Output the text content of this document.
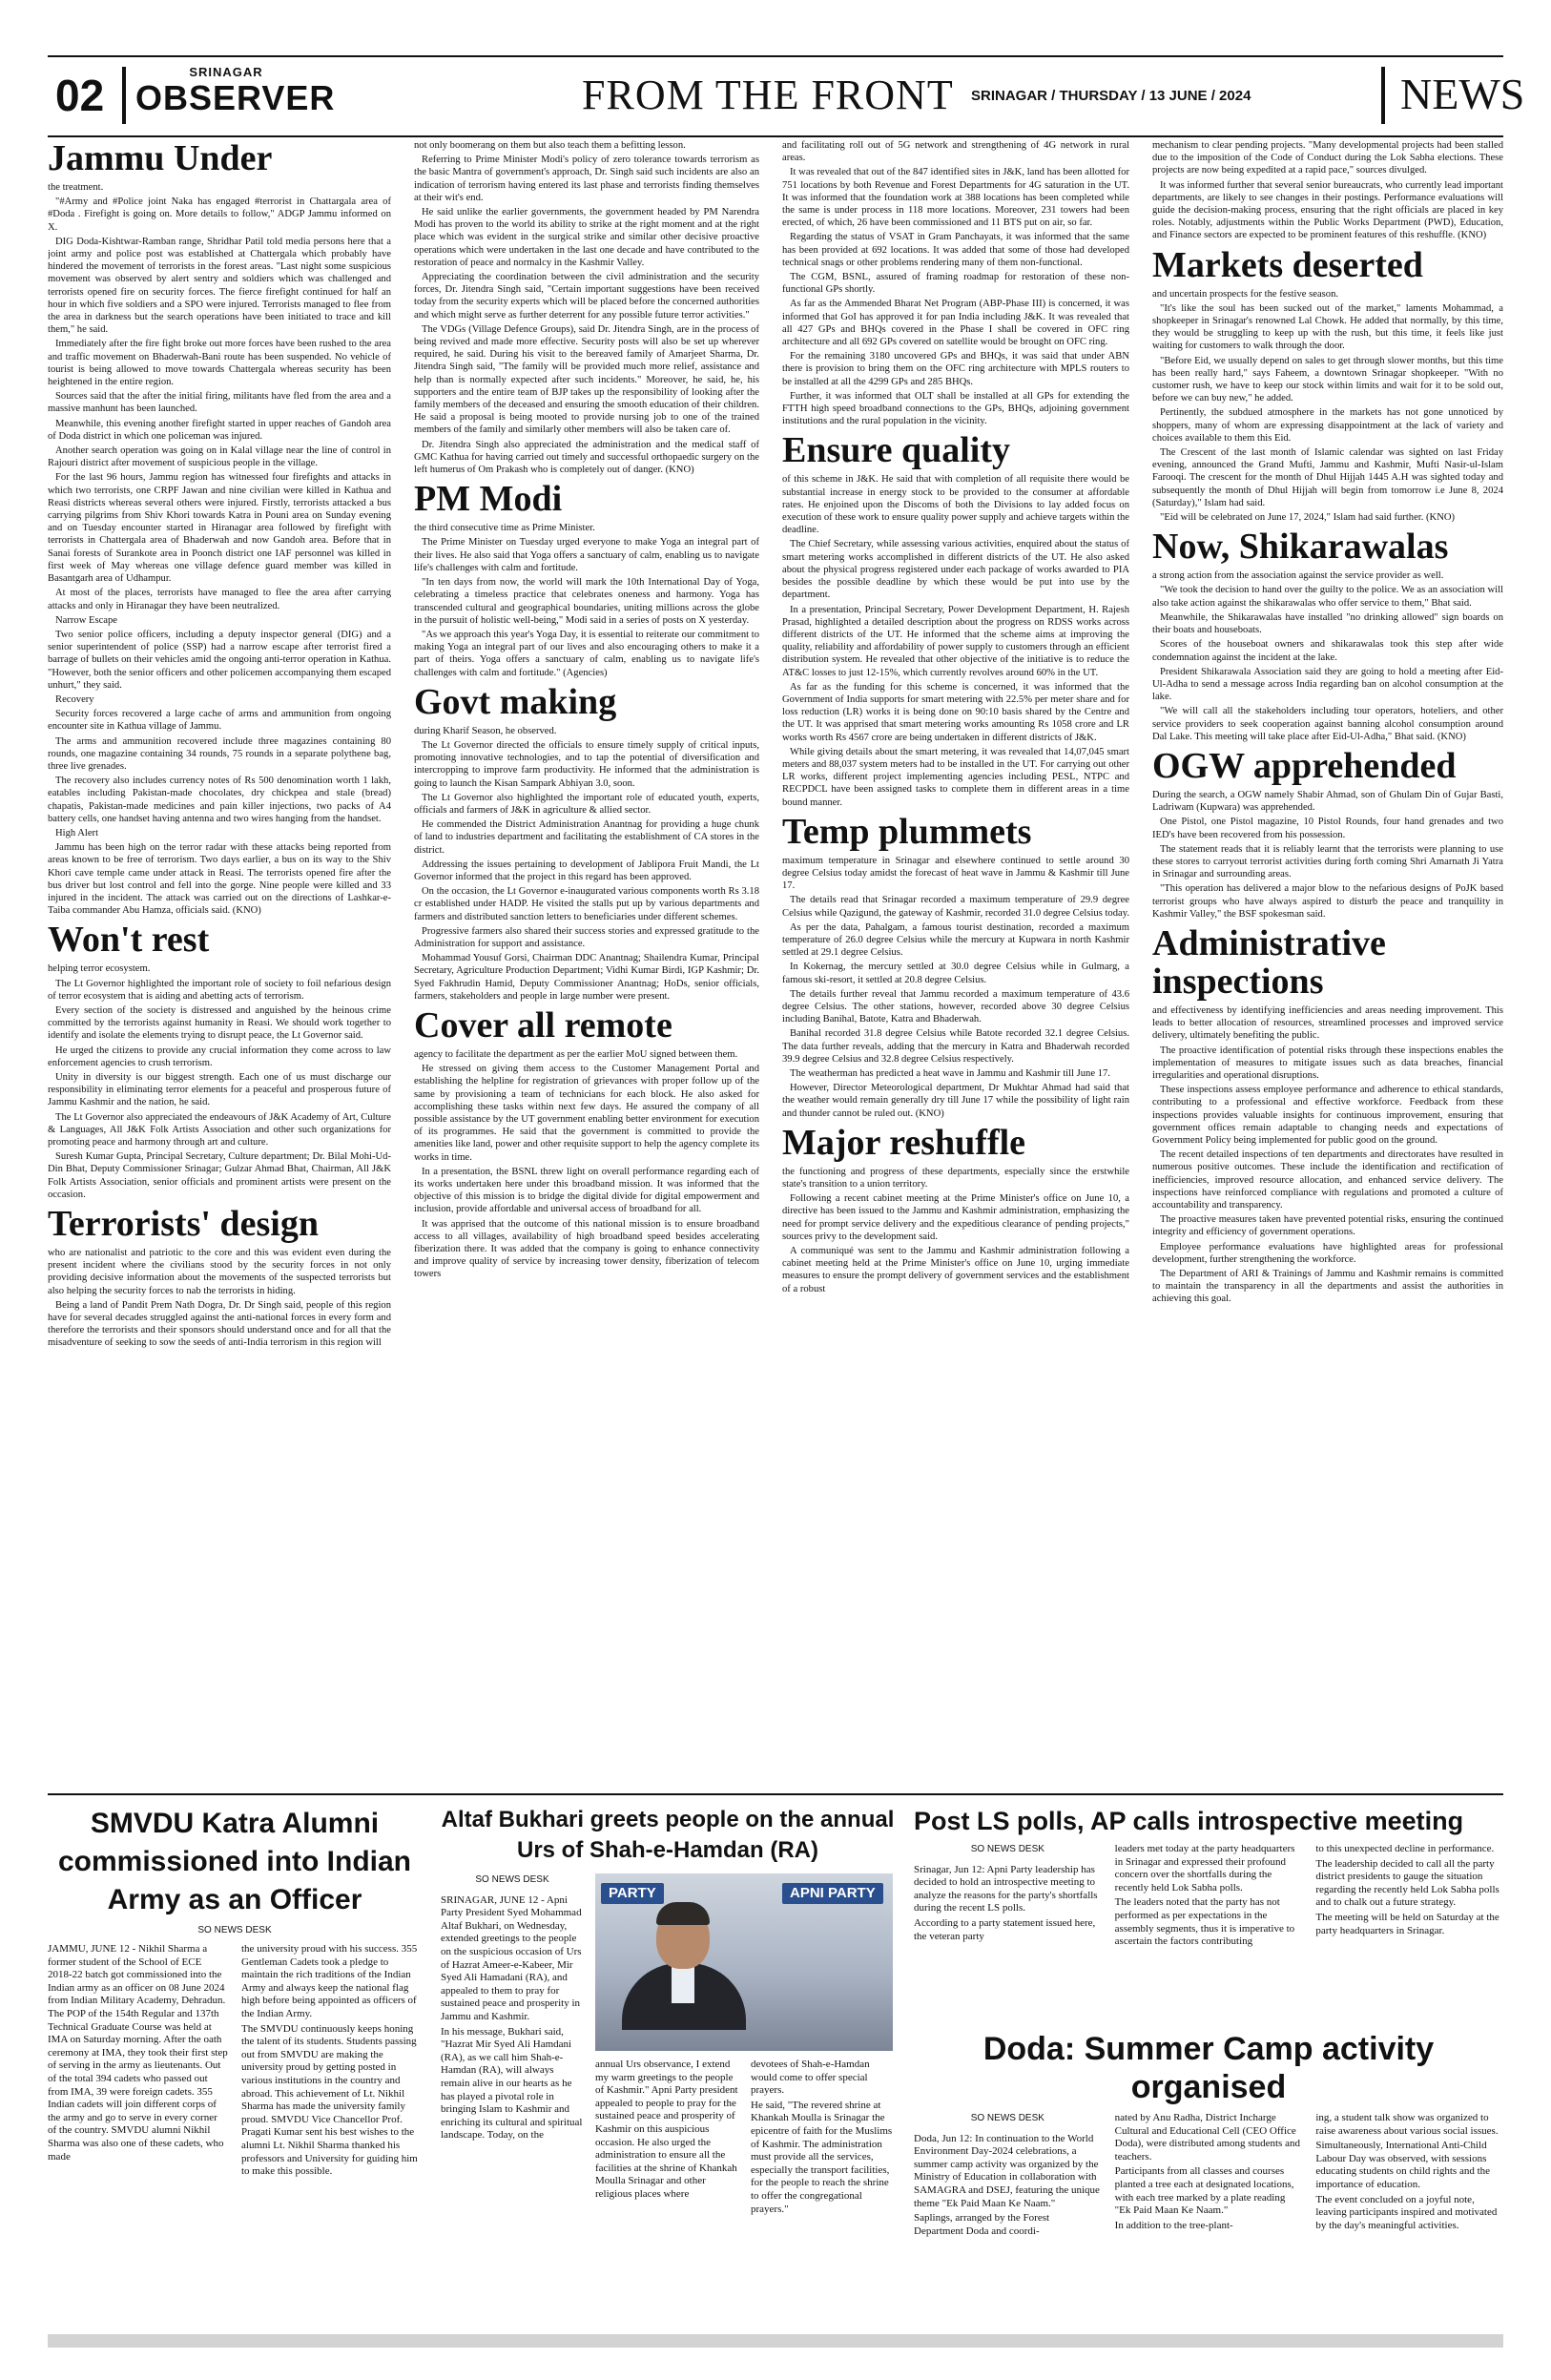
02	SRINAGAR
OBSERVER	FROM THE FRONT SRINAGAR / THURSDAY / 13 JUNE / 2024	NEWS
Jammu Under

the treatment.

"#Army and #Police joint Naka has engaged #terrorist in Chattargala area of #Doda . Firefight is going on. More details to follow," ADGP Jammu informed on X.

DIG Doda-Kishtwar-Ramban range, Shridhar Patil told media persons here that a joint army and police post was established at Chattergala which probably have hindered the movement of terrorists in the forest areas. "Last night some suspicious movement was observed by alert sentry and soldiers which was challenged and terrorists opened fire on security forces. The fierce firefight continued for half an hour in which five soldiers and a SPO were injured. Terrorists managed to flee from the area in darkness but the search operations have been initiated to trace and kill them," he said.

Immediately after the fire fight broke out more forces have been rushed to the area and traffic movement on Bhaderwah-Bani route has been suspended. No vehicle of tourist is being allowed to move towards Chattergala whereas security has been heightened in the entire region.

Sources said that the after the initial firing, militants have fled from the area and a massive manhunt has been launched.

Meanwhile, this evening another firefight started in upper reaches of Gandoh area of Doda district in which one policeman was injured.

Another search operation was going on in Kalal village near the line of control in Rajouri district after movement of suspicious people in the village.

For the last 96 hours, Jammu region has witnessed four firefights and attacks in which two terrorists, one CRPF Jawan and nine civilian were killed in Kathua and Reasi districts whereas several others were injured. Firstly, terrorists attacked a bus carrying pilgrims from Shiv Khori towards Katra in Pouni area on Sunday evening and on Tuesday encounter started in Hiranagar area followed by firefight with terrorists in Chattergala area of Bhaderwah and now Gandoh area. Before that in Sanai forests of Surankote area in Poonch district one IAF personnel was killed in first week of May whereas one village defence guard member was killed in Basantgarh area of Udhampur.

At most of the places, terrorists have managed to flee the area after carrying attacks and only in Hiranagar they have been neutralized.

Narrow Escape

Two senior police officers, including a deputy inspector general (DIG) and a senior superintendent of police (SSP) had a narrow escape after terrorist fired a barrage of bullets on their vehicles amid the ongoing anti-terror operation in Kathua. "However, both the senior officers and other policemen accompanying them escaped unhurt," they said.

Recovery

Security forces recovered a large cache of arms and ammunition from ongoing encounter site in Kathua village of Jammu.

The arms and ammunition recovered include three magazines containing 80 rounds, one magazine containing 34 rounds, 75 rounds in a separate polythene bag, three live grenades.

The recovery also includes currency notes of Rs 500 denomination worth 1 lakh, eatables including Pakistan-made chocolates, dry chickpea and stale (bread) chapatis, Pakistan-made medicines and pain killer injections, two packs of A4 battery cells, one handset having antenna and two wires hanging from the handset.

High Alert

Jammu has been high on the terror radar with these attacks being reported from areas known to be free of terrorism. Two days earlier, a bus on its way to the Shiv Khori cave temple came under attack in Reasi. The terrorists opened fire after the bus driver but lost control and fell into the gorge. Nine people were killed and 33 injured in the incident. The attack was carried out on the directions of Lashkar-e-Taiba commander Abu Hamza, officials said. (KNO)

Won't rest

helping terror ecosystem.

The Lt Governor highlighted the important role of society to foil nefarious design of terror ecosystem that is aiding and abetting acts of terrorism.

Every section of the society is distressed and anguished by the heinous crime committed by the terrorists against humanity in Reasi. We should work together to identify and isolate the elements trying to disrupt peace, the Lt Governor said.

He urged the citizens to provide any crucial information they come across to law enforcement agencies to crush terrorism.

Unity in diversity is our biggest strength. Each one of us must discharge our responsibility in eliminating terror elements for a peaceful and prosperous future of Jammu Kashmir and the nation, he said.

The Lt Governor also appreciated the endeavours of J&K Academy of Art, Culture & Languages, All J&K Folk Artists Association and other such organizations for promoting peace and harmony through art and culture.

Suresh Kumar Gupta, Principal Secretary, Culture department; Dr. Bilal Mohi-Ud-Din Bhat, Deputy Commissioner Srinagar; Gulzar Ahmad Bhat, Chairman, All J&K Folk Artists Association, senior officials and prominent artists were present on the occasion.

Terrorists' design

who are nationalist and patriotic to the core and this was evident even during the present incident where the civilians stood by the security forces in not only providing decisive information about the movements of the suspected terrorists but also helping the security forces to nab the terrorists in hiding.

Being a land of Pandit Prem Nath Dogra, Dr. Dr Singh said, people of this region have for several decades struggled against the anti-national forces in every form and therefore the terrorists and their sponsors should understand once and for all that the misadventure of seeking to sow the seeds of anti-India terrorism in this region will

not only boomerang on them but also teach them a befitting lesson.

Referring to Prime Minister Modi's policy of zero tolerance towards terrorism as the basic Mantra of government's approach, Dr. Singh said such incidents are also an indication of terrorism having entered its last phase and terrorists finding themselves at their wit's end.

He said unlike the earlier governments, the government headed by PM Narendra Modi has proven to the world its ability to strike at the right moment and at the right place which was evident in the surgical strike and similar other decisive proactive operations which were undertaken in the last one decade and have contributed to the restoration of peace and normalcy in the Kashmir Valley.

Appreciating the coordination between the civil administration and the security forces, Dr. Jitendra Singh said, "Certain important suggestions have been received today from the security experts which will be placed before the concerned authorities and which might serve as further deterrent for any possible future terror activities."

The VDGs (Village Defence Groups), said Dr. Jitendra Singh, are in the process of being revived and made more effective. Security posts will also be set up wherever required, he said. During his visit to the bereaved family of Amarjeet Sharma, Dr. Jitendra Singh said, "The family will be provided much more relief, assistance and help than is normally expected after such incidents." Moreover, he said, he, his supporters and the entire team of BJP takes up the responsibility of looking after the family members of the deceased and ensuring the smooth education of their children. He said a proposal is being mooted to provide nursing job to one of the trained members of the family and similarly other members will also be taken care of.

Dr. Jitendra Singh also appreciated the administration and the medical staff of GMC Kathua for having carried out timely and successful orthopaedic surgery on the left humerus of Om Prakash who is completely out of danger. (KNO)

PM Modi

the third consecutive time as Prime Minister.

The Prime Minister on Tuesday urged everyone to make Yoga an integral part of their lives. He also said that Yoga offers a sanctuary of calm, enabling us to navigate life's challenges with calm and fortitude.

"In ten days from now, the world will mark the 10th International Day of Yoga, celebrating a timeless practice that celebrates oneness and harmony. Yoga has transcended cultural and geographical boundaries, uniting millions across the globe in the pursuit of holistic well-being," Modi said in a series of posts on X yesterday.

"As we approach this year's Yoga Day, it is essential to reiterate our commitment to making Yoga an integral part of our lives and also encouraging others to make it a part of theirs. Yoga offers a sanctuary of calm, enabling us to navigate life's challenges with calm and fortitude." (Agencies)

Govt making

during Kharif Season, he observed.

The Lt Governor directed the officials to ensure timely supply of critical inputs, promoting innovative technologies, and to tap the potential of diversification and intercropping to improve farm productivity. He informed that the administration is going to launch the Kisan Sampark Abhiyan 3.0, soon.

The Lt Governor also highlighted the important role of educated youth, experts, officials and farmers of J&K in agriculture & allied sector.

He commended the District Administration Anantnag for providing a huge chunk of land to industries department and facilitating the establishment of CA stores in the district.

Addressing the issues pertaining to development of Jablipora Fruit Mandi, the Lt Governor informed that the project in this regard has been approved.

On the occasion, the Lt Governor e-inaugurated various components worth Rs 3.18 cr established under HADP. He visited the stalls put up by various departments and farmers and distributed sanction letters to beneficiaries under different schemes.

Progressive farmers also shared their success stories and expressed gratitude to the Administration for support and assistance.

Mohammad Yousuf Gorsi, Chairman DDC Anantnag; Shailendra Kumar, Principal Secretary, Agriculture Production Department; Vidhi Kumar Birdi, IGP Kashmir; Dr. Syed Fakhrudin Hamid, Deputy Commissioner Anantnag; HoDs, senior officials, farmers, stakeholders and people in large number were present.

Cover all remote

agency to facilitate the department as per the earlier MoU signed between them.

He stressed on giving them access to the Customer Management Portal and establishing the helpline for registration of grievances with proper follow up of the same by provisioning a team of technicians for each block. He also asked for accomplishing these tasks within next few days. He assured the company of all possible assistance by the UT government enabling better environment for execution of its programmes. He said that the government is committed to provide the amenities like land, power and other requisite support to help the agency complete its works in time.

In a presentation, the BSNL threw light on overall performance regarding each of its works undertaken here under this broadband mission. It was informed that the objective of this mission is to bridge the digital divide for digital empowerment and inclusion, provide affordable and universal access of broadband for all.

It was apprised that the outcome of this national mission is to ensure broadband access to all villages, availability of high broadband speed besides accelerating fiberization there. It was added that the company is going to enhance connectivity and improve quality of service by increasing tower density, fiberization of telecom towers

and facilitating roll out of 5G network and strengthening of 4G network in rural areas.

It was revealed that out of the 847 identified sites in J&K, land has been allotted for 751 locations by both Revenue and Forest Departments for 4G saturation in the UT. It was informed that the foundation work at 388 locations has been completed while the same is under process in 118 more locations. Moreover, 231 towers had been erected, of which, 26 have been commissioned and 11 BTS put on air, so far.

Regarding the status of VSAT in Gram Panchayats, it was informed that the same has been provided at 692 locations. It was added that some of those had developed technical snags or other problems rendering many of them non-functional.

The CGM, BSNL, assured of framing roadmap for restoration of these non-functional GPs shortly.

As far as the Ammended Bharat Net Program (ABP-Phase III) is concerned, it was informed that GoI has approved it for pan India including J&K. It was revealed that all 427 GPs and BHQs covered in the Phase I shall be covered in OFC ring architecture and all 692 GPs covered on satellite would be brought on OFC ring.

For the remaining 3180 uncovered GPs and BHQs, it was said that under ABN there is provision to bring them on the OFC ring architecture with MPLS routers to be installed at all the 4299 GPs and 285 BHQs.

Further, it was informed that OLT shall be installed at all GPs for extending the FTTH high speed broadband connections to the GPs, BHQs, adjoining government institutions and the rural population in the vicinity.

Ensure quality

of this scheme in J&K. He said that with completion of all requisite there would be substantial increase in energy stock to be provided to the consumer at affordable rates. He enjoined upon the Discoms of both the Divisions to lay added focus on execution of these work to ensure quality power supply and achieve targets within the deadline.

The Chief Secretary, while assessing various activities, enquired about the status of smart metering works accomplished in different districts of the UT. He also asked about the physical progress registered under each package of works awarded to PIA besides the possible deadline by which these would be put into use by the department.

In a presentation, Principal Secretary, Power Development Department, H. Rajesh Prasad, highlighted a detailed description about the progress on RDSS works across different districts of the UT. He informed that the scheme aims at improving the quality, reliability and affordability of power supply to customers through an efficient distribution system. He revealed that other objective of the initiative is to reduce the AT&C losses to just 12-15%, which currently revolves around 60% in the UT.

As far as the funding for this scheme is concerned, it was informed that the Government of India supports for smart metering with 22.5% per meter share and for loss reduction (LR) works it is being done on 90:10 basis shared by the Centre and the UT. It was apprised that smart metering works amounting Rs 1058 crore and LR works worth Rs 4567 crore are being undertaken in different districts of J&K.

While giving details about the smart metering, it was revealed that 14,07,045 smart meters and 88,037 system meters had to be installed in the UT. For carrying out other LR works, different project implementing agencies including PESL, NTPC and RECPDCL have been assigned tasks to complete them in different areas in a time bound manner.

Temp plummets

maximum temperature in Srinagar and elsewhere continued to settle around 30 degree Celsius today amidst the forecast of heat wave in Jammu & Kashmir till June 17.

The details read that Srinagar recorded a maximum temperature of 29.9 degree Celsius while Qazigund, the gateway of Kashmir, recorded 31.0 degree Celsius today.

As per the data, Pahalgam, a famous tourist destination, recorded a maximum temperature of 26.0 degree Celsius while the mercury at Kupwara in north Kashmir settled at 29.1 degree Celsius.

In Kokernag, the mercury settled at 30.0 degree Celsius while in Gulmarg, a famous ski-resort, it settled at 20.8 degree Celsius.

The details further reveal that Jammu recorded a maximum temperature of 43.6 degree Celsius. The other stations, however, recorded above 30 degree Celsius including Banihal, Batote, Katra and Bhaderwah.

Banihal recorded 31.8 degree Celsius while Batote recorded 32.1 degree Celsius. The data further reveals, adding that the mercury in Katra and Bhaderwah recorded 39.9 degree Celsius and 32.8 degree Celsius respectively.

The weatherman has predicted a heat wave in Jammu and Kashmir till June 17.

However, Director Meteorological department, Dr Mukhtar Ahmad had said that the weather would remain generally dry till June 17 while the possibility of light rain and thunder cannot be ruled out. (KNO)

Major reshuffle

the functioning and progress of these departments, especially since the erstwhile state's transition to a union territory.

Following a recent cabinet meeting at the Prime Minister's office on June 10, a directive has been issued to the Jammu and Kashmir administration, emphasizing the need for prompt service delivery and the expeditious clearance of pending projects," sources privy to the development said.

A communiqué was sent to the Jammu and Kashmir administration following a cabinet meeting held at the Prime Minister's office on June 10, urging immediate measures to ensure the prompt delivery of government services and the establishment of a robust

mechanism to clear pending projects. "Many developmental projects had been stalled due to the imposition of the Code of Conduct during the Lok Sabha elections. These projects are now being expedited at a rapid pace," sources divulged.

It was informed further that several senior bureaucrats, who currently lead important departments, are likely to see changes in their postings. Performance evaluations will guide the decision-making process, ensuring that the right officials are placed in key roles. Notably, adjustments within the Public Works Department (PWD), Education, and Finance sectors are expected to be prominent features of this reshuffle. (KNO)

Markets deserted

and uncertain prospects for the festive season.

"It's like the soul has been sucked out of the market," laments Mohammad, a shopkeeper in Srinagar's renowned Lal Chowk. He added that normally, by this time, they would be struggling to keep up with the rush, but this time, it feels like just waiting for customers to walk through the door.

"Before Eid, we usually depend on sales to get through slower months, but this time has been really hard," says Faheem, a downtown Srinagar shopkeeper. "With no customer rush, we have to keep our stock within limits and wait for it to be sold out, before we can buy new," he added.

Pertinently, the subdued atmosphere in the markets has not gone unnoticed by shoppers, many of whom are expressing disappointment at the lack of variety and choices available to them this Eid.

The Crescent of the last month of Islamic calendar was sighted on last Friday evening, announced the Grand Mufti, Jammu and Kashmir, Mufti Nasir-ul-Islam Farooqi. The crescent for the month of Dhul Hijjah 1445 A.H was sighted today and subsequently the month of Dhul Hijjah will begin from tomorrow i.e June 8, 2024 (Saturday)," Islam had said.

"Eid will be celebrated on June 17, 2024," Islam had said further. (KNO)

Now, Shikarawalas

a strong action from the association against the service provider as well.

"We took the decision to hand over the guilty to the police. We as an association will also take action against the shikarawalas who offer service to them," Bhat said.

Meanwhile, the Shikarawalas have installed "no drinking allowed" sign boards on their boats and houseboats.

Scores of the houseboat owners and shikarawalas took this step after wide condemnation against the incident at the lake.

President Shikarawala Association said they are going to hold a meeting after Eid-Ul-Adha to send a message across India regarding ban on alcohol consumption at the lake.

"We will call all the stakeholders including tour operators, hoteliers, and other service providers to seek cooperation against banning alcohol consumption around Dal Lake. This meeting will take place after Eid-Ul-Adha," Bhat said. (KNO)

OGW apprehended

During the search, a OGW namely Shabir Ahmad, son of Ghulam Din of Gujar Basti, Ladriwam (Kupwara) was apprehended.

One Pistol, one Pistol magazine, 10 Pistol Rounds, four hand grenades and two IED's have been recovered from his possession.

The statement reads that it is reliably learnt that the terrorists were planning to use these stores to carryout terrorist activities during forth coming Shri Amarnath Ji Yatra in Srinagar and surrounding areas.

"This operation has delivered a major blow to the nefarious designs of PoJK based terrorist groups who have always aspired to disturb the peace and tranquility in Kashmir Valley," the BSF spokesman said.

Administrative inspections

and effectiveness by identifying inefficiencies and areas needing improvement. This leads to better allocation of resources, streamlined processes and improved service delivery, ultimately benefiting the public.

The proactive identification of potential risks through these inspections enables the implementation of measures to mitigate issues such as data breaches, financial irregularities and operational disruptions.

These inspections assess employee performance and adherence to ethical standards, contributing to a professional and effective workforce. Feedback from these inspections provides valuable insights for continuous improvement, ensuring that government offices remain adaptable to changing needs and expectations of Government Policy being implemented for public good on the ground.

The recent detailed inspections of ten departments and directorates have resulted in numerous positive outcomes. These include the identification and rectification of inefficiencies, improved resource allocation, and enhanced service delivery. The inspections have reinforced compliance with regulations and promoted a culture of accountability and transparency.

The proactive measures taken have prevented potential risks, ensuring the continued integrity and efficiency of government operations.

Employee performance evaluations have highlighted areas for professional development, further strengthening the workforce.

The Department of ARI & Trainings of Jammu and Kashmir remains is committed to maintain the transparency in all the departments and assist the authorities in achieving this goal.

SMVDU Katra Alumni commissioned into Indian Army as an Officer
SO NEWS DESK

JAMMU, JUNE 12 - Nikhil Sharma a former student of the School of ECE 2018-22 batch got commissioned into the Indian army as an officer on 08 June 2024 from Indian Military Academy, Dehradun. The POP of the 154th Regular and 137th Technical Graduate Course was held at IMA on Saturday morning. After the oath ceremony at IMA, they took their first step of serving in the army as lieutenants. Out of the total 394 cadets who passed out from IMA, 39 were foreign cadets. 355 Indian cadets will join different corps of the army and go to serve in every corner of the country. SMVDU alumni Nikhil Sharma was also one of these cadets, who made

the university proud with his success. 355 Gentleman Cadets took a pledge to maintain the rich traditions of the Indian Army and always keep the national flag high before being appointed as officers of the Indian Army.

The SMVDU continuously keeps honing the talent of its students. Students passing out from SMVDU are making the university proud by getting posted in various institutions in the country and abroad. This achievement of Lt. Nikhil Sharma has made the university family proud. SMVDU Vice Chancellor Prof. Pragati Kumar sent his best wishes to the alumni Lt. Nikhil Sharma thanked his professors and University for guiding him to make this possible.

Altaf Bukhari greets people on the annual Urs of Shah-e-Hamdan (RA)
SO NEWS DESK

SRINAGAR, JUNE 12 - Apni Party President Syed Mohammad Altaf Bukhari, on Wednesday, extended greetings to the people on the suspicious occasion of Urs of Hazrat Ameer-e-Kabeer, Mir Syed Ali Hamadani (RA), and appealed to them to pray for sustained peace and prosperity in Jammu and Kashmir.

In his message, Bukhari said, "Hazrat Mir Syed Ali Hamdani (RA), as we call him Shah-e-Hamdan (RA), will always remain alive in our hearts as he has played a pivotal role in bringing Islam to Kashmir and enriching its cultural and spiritual landscape. Today, on the

PARTY	APNI PARTY

annual Urs observance, I extend my warm greetings to the people of Kashmir." Apni Party president appealed to people to pray for the sustained peace and prosperity of Kashmir on this auspicious occasion. He also urged the administration to ensure all the facilities at the shrine of Khankah Moulla Srinagar and other religious places where

devotees of Shah-e-Hamdan would come to offer special prayers.

He said, "The revered shrine at Khankah Moulla is Srinagar the epicentre of faith for the Muslims of Kashmir. The administration must provide all the services, especially the transport facilities, for the people to reach the shrine to offer the congregational prayers."

Post LS polls, AP calls introspective meeting
SO NEWS DESK

Srinagar, Jun 12: Apni Party leadership has decided to hold an introspective meeting to analyze the reasons for the party's shortfalls during the recent LS polls.

According to a party statement issued here, the veteran party

leaders met today at the party headquarters in Srinagar and expressed their profound concern over the shortfalls during the recently held Lok Sabha polls.

The leaders noted that the party has not performed as per expectations in the assembly segments, thus it is imperative to ascertain the factors contributing

to this unexpected decline in performance.

The leadership decided to call all the party district presidents to gauge the situation regarding the recently held Lok Sabha polls and to chalk out a future strategy.

The meeting will be held on Saturday at the party headquarters in Srinagar.

Doda: Summer Camp activity organised
SO NEWS DESK

Doda, Jun 12: In continuation to the World Environment Day-2024 celebrations, a summer camp activity was organized by the Ministry of Education in collaboration with SAMAGRA and DSEJ, featuring the unique theme "Ek Paid Maan Ke Naam."

Saplings, arranged by the Forest Department Doda and coordi-

nated by Anu Radha, District Incharge Cultural and Educational Cell (CEO Office Doda), were distributed among students and teachers.

Participants from all classes and courses planted a tree each at designated locations, with each tree marked by a plate reading "Ek Paid Maan Ke Naam."

In addition to the tree-plant-

ing, a student talk show was organized to raise awareness about various social issues.

Simultaneously, International Anti-Child Labour Day was observed, with sessions educating students on child rights and the importance of education.

The event concluded on a joyful note, leaving participants inspired and motivated by the day's meaningful activities.
